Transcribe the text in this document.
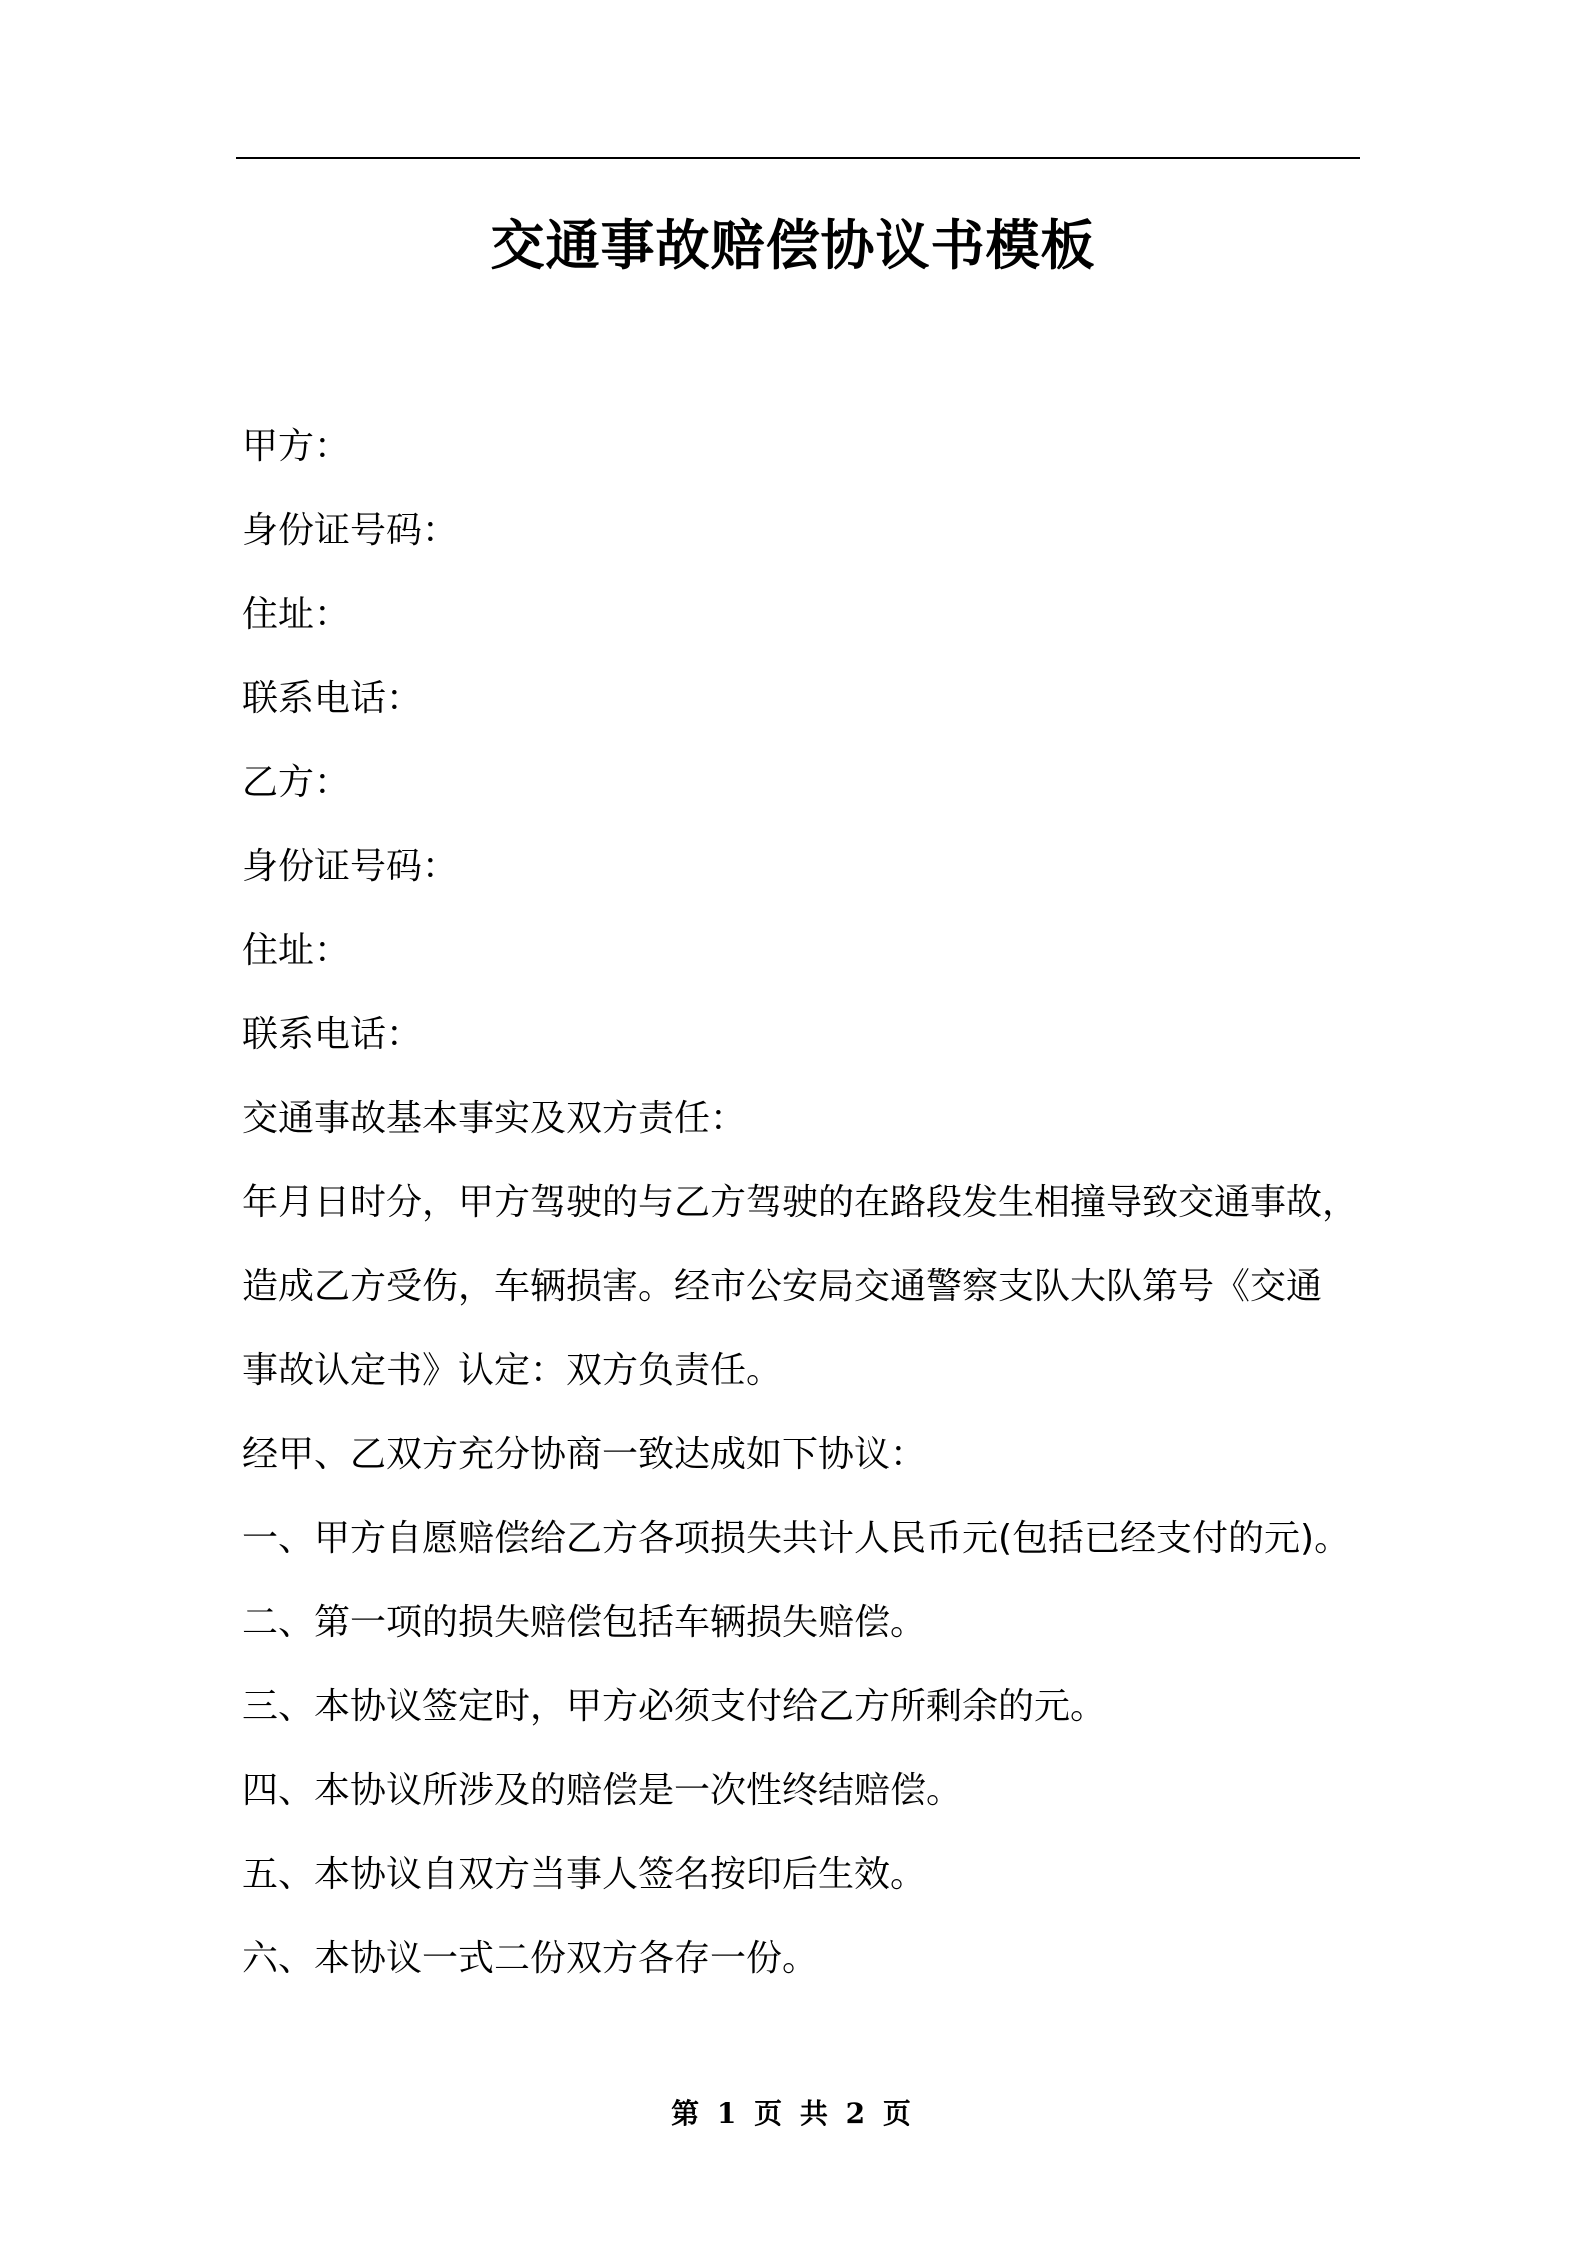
交通事故赔偿协议书模板
甲方：
身份证号码：
住址：
联系电话：
乙方：
身份证号码：
住址：
联系电话：
交通事故基本事实及双方责任：
年月日时分，甲方驾驶的与乙方驾驶的在路段发生相撞导致交通事故，
造成乙方受伤，车辆损害。经市公安局交通警察支队大队第号《交通
事故认定书》认定：双方负责任。
经甲、乙双方充分协商一致达成如下协议：
一、甲方自愿赔偿给乙方各项损失共计人民币元(包括已经支付的元)。
二、第一项的损失赔偿包括车辆损失赔偿。
三、本协议签定时，甲方必须支付给乙方所剩余的元。
四、本协议所涉及的赔偿是一次性终结赔偿。
五、本协议自双方当事人签名按印后生效。
六、本协议一式二份双方各存一份。
第 1 页 共 2 页
